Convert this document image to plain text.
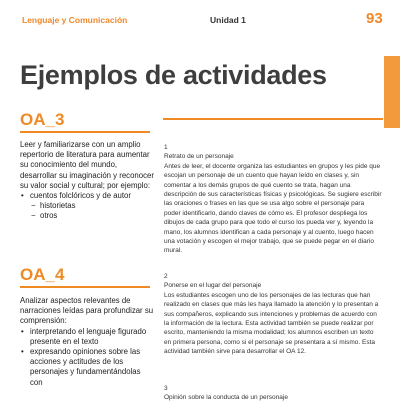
Lenguaje y Comunicación	Unidad 1	93
Ejemplos de actividades
OA_3

Leer y familiarizarse con un amplio repertorio de literatura para aumentar su conocimiento del mundo, desarrollar su imaginación y reconocer su valor social y cultural; por ejemplo:

• cuentos folclóricos y de autor
− historietas
− otros
OA_4

Analizar aspectos relevantes de narraciones leídas para profundizar su comprensión:

• interpretando el lenguaje figurado presente en el texto
• expresando opiniones sobre las acciones y actitudes de los personajes y fundamentándolas con
1
Retrato de un personaje
Antes de leer, el docente organiza las estudiantes en grupos y les pide que escojan un personaje de un cuento que hayan leído en clases y, sin comentar a los demás grupos de qué cuento se trata, hagan una descripción de sus características físicas y psicológicas. Se sugiere escribir las oraciones o frases en las que se usa algo sobre el personaje para poder identificarlo, dando claves de cómo es. El profesor despliega los dibujos de cada grupo para que todo el curso los pueda ver y, leyendo la mano, los alumnos identifican a cada personaje y al cuento, luego hacen una votación y escogen el mejor trabajo, que se puede pegar en el diario mural.
2
Ponerse en el lugar del personaje
Los estudiantes escogen uno de los personajes de las lecturas que han realizado en clases que más les haya llamado la atención y lo presentan a sus compañeros, explicando sus intenciones y problemas de acuerdo con la información de la lectura. Esta actividad también se puede realizar por escrito, manteniendo la misma modalidad; los alumnos escriben un texto en primera persona, como si el personaje se presentara a sí mismo. Esta actividad también sirve para desarrollar el OA 12.
3
Opinión sobre la conducta de un personaje
